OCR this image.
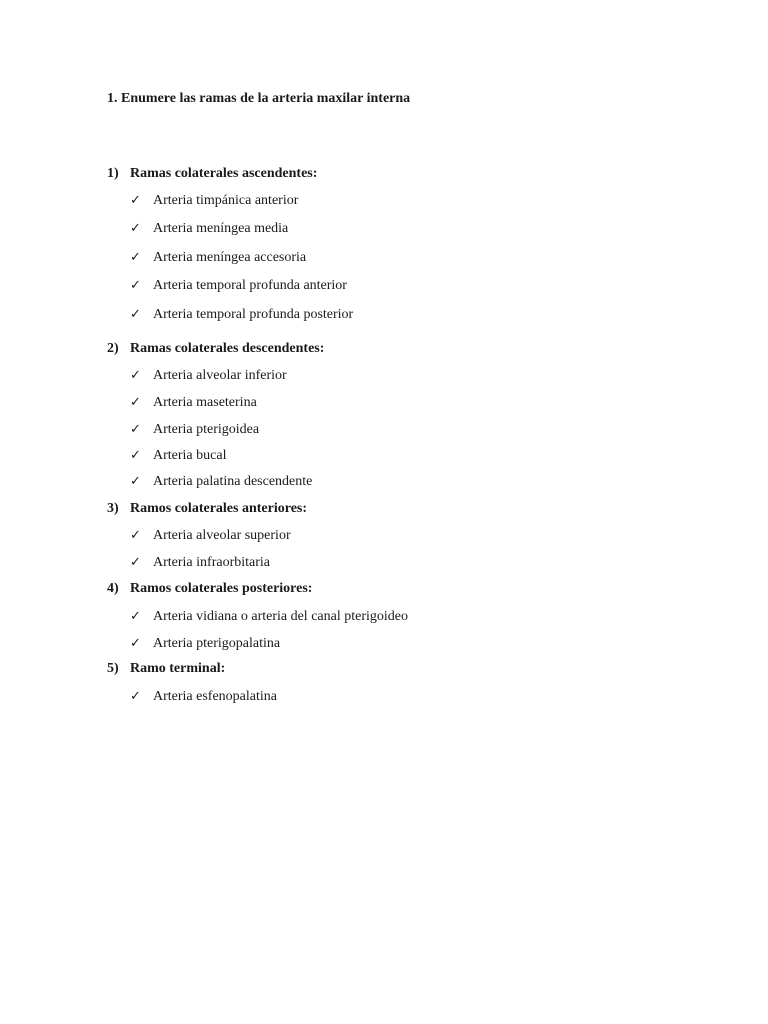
1. Enumere las ramas de la arteria maxilar interna
1) Ramas colaterales ascendentes:
✓ Arteria timpánica anterior
✓ Arteria meníngea media
✓ Arteria meníngea accesoria
✓ Arteria temporal profunda anterior
✓ Arteria temporal profunda posterior
2) Ramas colaterales descendentes:
✓ Arteria alveolar inferior
✓ Arteria maseterina
✓ Arteria pterigoidea
✓ Arteria bucal
✓ Arteria palatina descendente
3) Ramos colaterales anteriores:
✓ Arteria alveolar superior
✓ Arteria infraorbitaria
4) Ramos colaterales posteriores:
✓ Arteria vidiana o arteria del canal pterigoideo
✓ Arteria pterigopalatina
5) Ramo terminal:
✓ Arteria esfenopalatina
